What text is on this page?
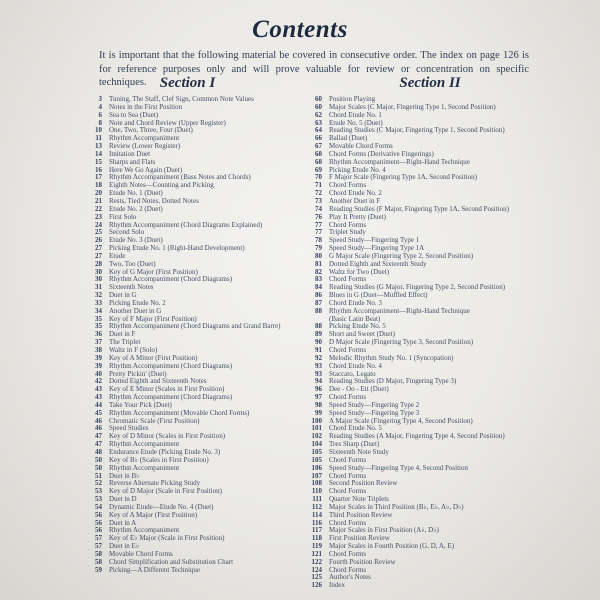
Contents
It is important that the following material be covered in consecutive order. The index on page 126 is for reference purposes only and will prove valuable for review or concentration on specific techniques. Section I	Section II
3	Tuning, The Staff, Clef Sign, Common Note Values
4	Notes in the First Position
6	Sea to Sea (Duet)
8	Note and Chord Review (Upper Register)
10	One, Two, Three, Four (Duet)
11	Rhythm Accompaniment
13	Review (Lower Register)
14	Imitation Duet
15	Sharps and Flats
16	Here We Go Again (Duet)
17	Rhythm Accompaniment (Bass Notes and Chords)
18	Eighth Notes—Counting and Picking
20	Etude No. 1 (Duet)
21	Rests, Tied Notes, Dotted Notes
22	Etude No. 2 (Duet)
23	First Solo
24	Rhythm Accompaniment (Chord Diagrams Explained)
25	Second Solo
26	Etude No. 3 (Duet)
27	Picking Etude No. 1 (Right-Hand Development)
27	Etude
28	Two, Too (Duet)
30	Key of G Major (First Position)
30	Rhythm Accompaniment (Chord Diagrams)
31	Sixteenth Notes
32	Duet in G
33	Picking Etude No. 2
34	Another Duet in G
35	Key of F Major (First Position)
35	Rhythm Accompaniment (Chord Diagrams and Grand Barre)
36	Duet in F
37	The Triplet
38	Waltz in F (Solo)
39	Key of A Minor (First Position)
39	Rhythm Accompaniment (Chord Diagrams)
40	Pretty Pickin' (Duet)
42	Dotted Eighth and Sixteenth Notes
43	Key of E Minor (Scales in First Position)
43	Rhythm Accompaniment (Chord Diagrams)
44	Take Your Pick (Duet)
45	Rhythm Accompaniment (Movable Chord Forms)
46	Chromatic Scale (First Position)
46	Speed Studies
47	Key of D Minor (Scales in First Position)
47	Rhythm Accompaniment
48	Endurance Etude (Picking Etude No. 3)
50	Key of B♭ (Scales in First Position)
50	Rhythm Accompaniment
51	Duet in B♭
52	Reverse Alternate Picking Study
53	Key of D Major (Scale in First Position)
53	Duet in D
54	Dynamic Etude—Etude No. 4 (Duet)
56	Key of A Major (First Position)
56	Duet in A
56	Rhythm Accompaniment
57	Key of E♭ Major (Scale in First Position)
57	Duet in E♭
58	Movable Chord Forms
58	Chord Simplification and Substitution Chart
59	Picking—A Different Technique
60	Position Playing
60	Major Scales (C Major, Fingering Type 1, Second Position)
62	Chord Etude No. 1
63	Etude No. 5 (Duet)
64	Reading Studies (C Major, Fingering Type 1, Second Position)
66	Ballad (Duet)
67	Movable Chord Forms
68	Chord Forms (Derivative Fingerings)
68	Rhythm Accompaniment—Right-Hand Technique
69	Picking Etude No. 4
70	F Major Scale (Fingering Type 1A, Second Position)
71	Chord Forms
72	Chord Etude No. 2
73	Another Duet in F
74	Reading Studies (F Major, Fingering Type 1A, Second Position)
76	Play It Pretty (Duet)
77	Chord Forms
77	Triplet Study
78	Speed Study—Fingering Type 1
79	Speed Study—Fingering Type 1A
80	G Major Scale (Fingering Type 2, Second Position)
81	Dotted Eighth and Sixteenth Study
82	Waltz for Two (Duet)
83	Chord Forms
84	Reading Studies (G Major, Fingering Type 2, Second Position)
86	Blues in G (Duet—Muffled Effect)
87	Chord Etude No. 3
88	Rhythm Accompaniment—Right-Hand Technique
(Basic Latin Beat)
88	Picking Etude No. 5
89	Short and Sweet (Duet)
90	D Major Scale (Fingering Type 3, Second Position)
91	Chord Forms
92	Melodic Rhythm Study No. 1 (Syncopation)
93	Chord Etude No. 4
93	Staccato, Legato
94	Reading Studies (D Major, Fingering Type 3)
96	Dee - Oo - Ett (Duet)
97	Chord Forms
98	Speed Study—Fingering Type 2
99	Speed Study—Fingering Type 3
100	A Major Scale (Fingering Type 4, Second Position)
101	Chord Etude No. 5
102	Reading Studies (A Major, Fingering Type 4, Second Position)
104	Tres Sharp (Duet)
105	Sixteenth Note Study
105	Chord Forms
106	Speed Study—Fingering Type 4, Second Position
107	Chord Forms
108	Second Position Review
110	Chord Forms
111	Quarter Note Triplets
112	Major Scales in Third Position (B♭, E♭, A♭, D♭)
114	Third Position Review
116	Chord Forms
117	Major Scales in First Position (A♭, D♭)
118	First Position Review
119	Major Scales in Fourth Position (G, D, A, E)
121	Chord Forms
122	Fourth Position Review
124	Chord Forms
125	Author's Notes
126	Index
